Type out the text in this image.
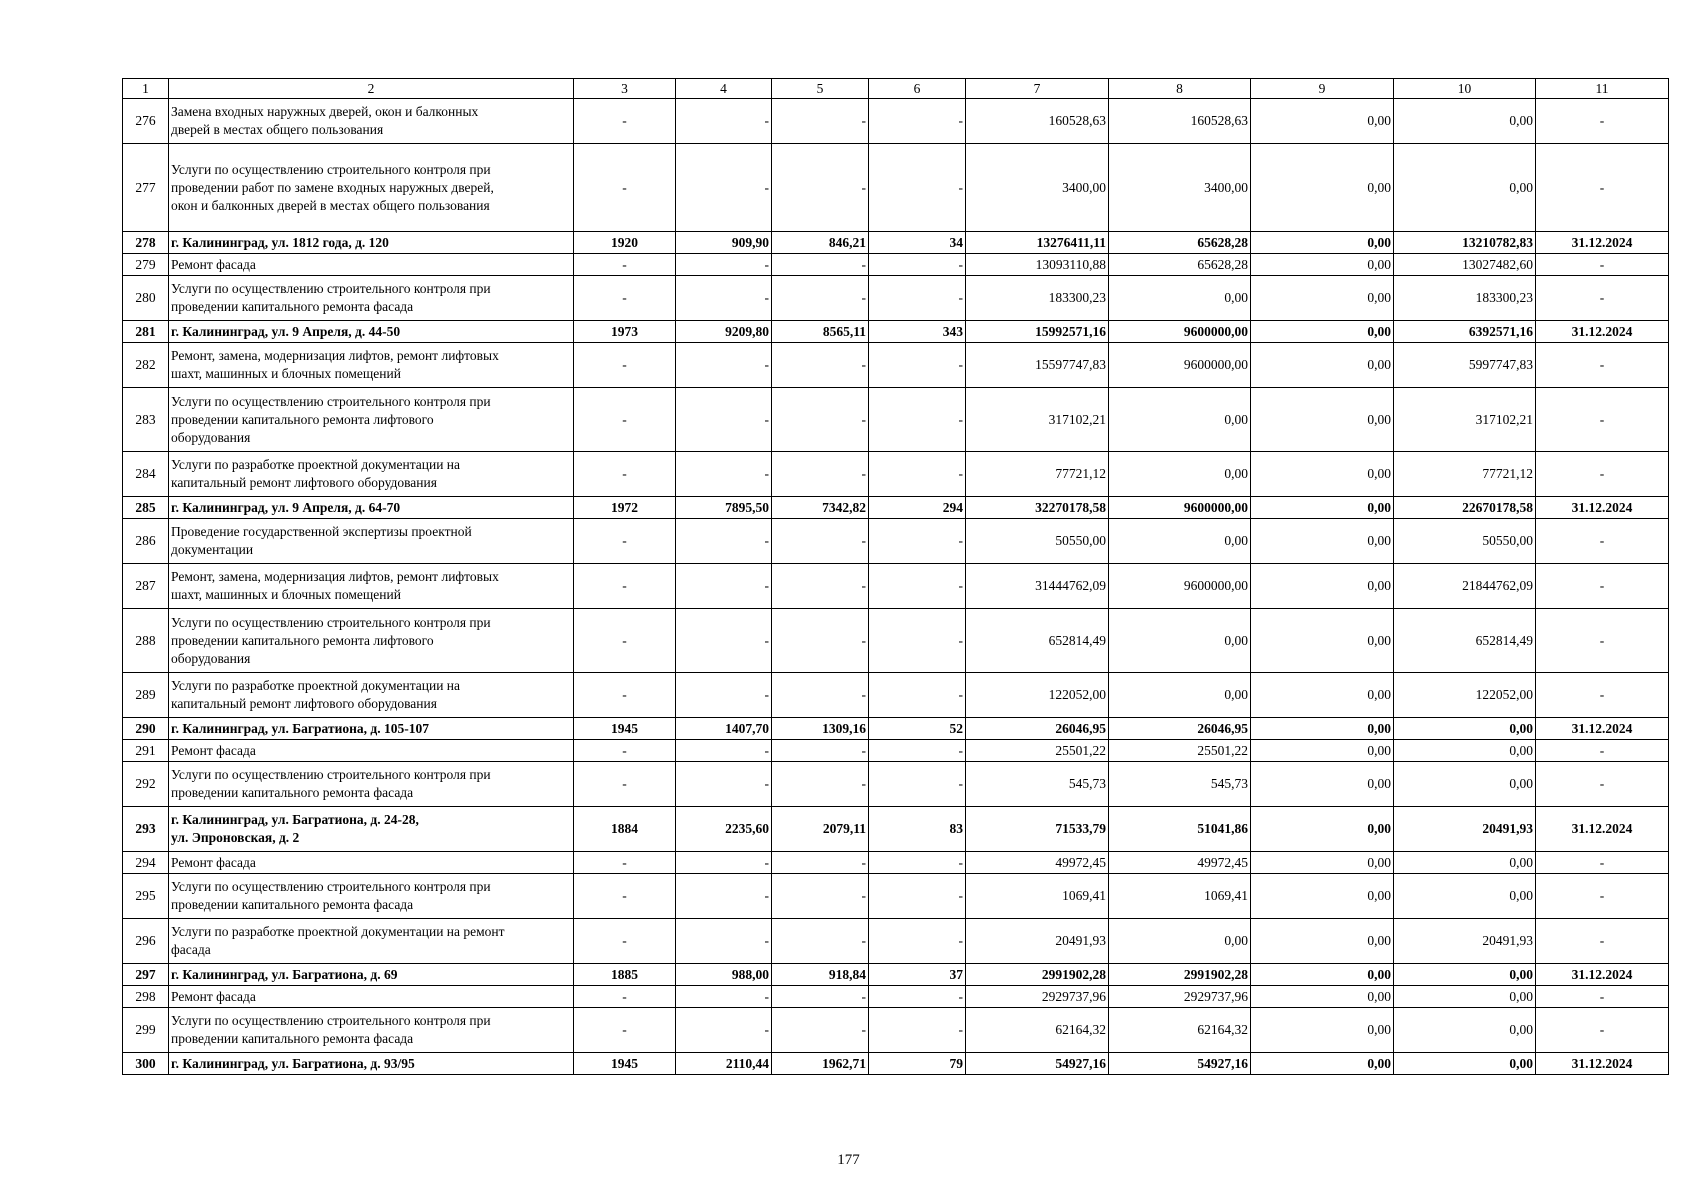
1	2	3	4	5	6	7	8	9	10	11
276	Замена входных наружных дверей, окон и балконных
дверей в местах общего пользования	-	-	-	-	160528,63	160528,63	0,00	0,00	-
277	Услуги по осуществлению строительного контроля при
проведении работ по замене входных наружных дверей,
окон и балконных дверей в местах общего пользования	-	-	-	-	3400,00	3400,00	0,00	0,00	-
278	г. Калининград, ул. 1812 года, д. 120	1920	909,90	846,21	34	13276411,11	65628,28	0,00	13210782,83	31.12.2024
279	Ремонт фасада	-	-	-	-	13093110,88	65628,28	0,00	13027482,60	-
280	Услуги по осуществлению строительного контроля при
проведении капитального ремонта фасада	-	-	-	-	183300,23	0,00	0,00	183300,23	-
281	г. Калининград, ул. 9 Апреля, д. 44-50	1973	9209,80	8565,11	343	15992571,16	9600000,00	0,00	6392571,16	31.12.2024
282	Ремонт, замена, модернизация лифтов, ремонт лифтовых
шахт, машинных и блочных помещений	-	-	-	-	15597747,83	9600000,00	0,00	5997747,83	-
283	Услуги по осуществлению строительного контроля при
проведении капитального ремонта лифтового
оборудования	-	-	-	-	317102,21	0,00	0,00	317102,21	-
284	Услуги по разработке проектной документации на
капитальный ремонт лифтового оборудования	-	-	-	-	77721,12	0,00	0,00	77721,12	-
285	г. Калининград, ул. 9 Апреля, д. 64-70	1972	7895,50	7342,82	294	32270178,58	9600000,00	0,00	22670178,58	31.12.2024
286	Проведение государственной экспертизы проектной
документации	-	-	-	-	50550,00	0,00	0,00	50550,00	-
287	Ремонт, замена, модернизация лифтов, ремонт лифтовых
шахт, машинных и блочных помещений	-	-	-	-	31444762,09	9600000,00	0,00	21844762,09	-
288	Услуги по осуществлению строительного контроля при
проведении капитального ремонта лифтового
оборудования	-	-	-	-	652814,49	0,00	0,00	652814,49	-
289	Услуги по разработке проектной документации на
капитальный ремонт лифтового оборудования	-	-	-	-	122052,00	0,00	0,00	122052,00	-
290	г. Калининград, ул. Багратиона, д. 105-107	1945	1407,70	1309,16	52	26046,95	26046,95	0,00	0,00	31.12.2024
291	Ремонт фасада	-	-	-	-	25501,22	25501,22	0,00	0,00	-
292	Услуги по осуществлению строительного контроля при
проведении капитального ремонта фасада	-	-	-	-	545,73	545,73	0,00	0,00	-
293	г. Калининград, ул. Багратиона, д. 24-28,
ул. Эпроновская, д. 2	1884	2235,60	2079,11	83	71533,79	51041,86	0,00	20491,93	31.12.2024
294	Ремонт фасада	-	-	-	-	49972,45	49972,45	0,00	0,00	-
295	Услуги по осуществлению строительного контроля при
проведении капитального ремонта фасада	-	-	-	-	1069,41	1069,41	0,00	0,00	-
296	Услуги по разработке проектной документации на ремонт
фасада	-	-	-	-	20491,93	0,00	0,00	20491,93	-
297	г. Калининград, ул. Багратиона, д. 69	1885	988,00	918,84	37	2991902,28	2991902,28	0,00	0,00	31.12.2024
298	Ремонт фасада	-	-	-	-	2929737,96	2929737,96	0,00	0,00	-
299	Услуги по осуществлению строительного контроля при
проведении капитального ремонта фасада	-	-	-	-	62164,32	62164,32	0,00	0,00	-
300	г. Калининград, ул. Багратиона, д. 93/95	1945	2110,44	1962,71	79	54927,16	54927,16	0,00	0,00	31.12.2024
177
